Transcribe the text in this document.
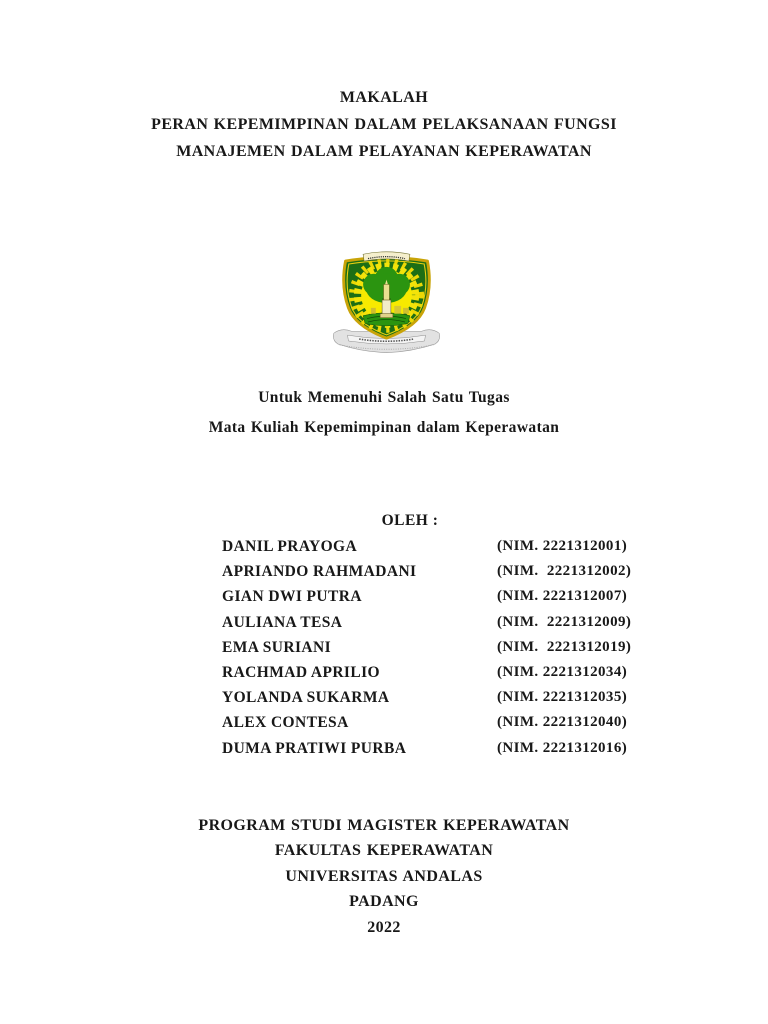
MAKALAH
PERAN KEPEMIMPINAN DALAM PELAKSANAAN FUNGSI
MANAJEMEN DALAM PELAYANAN KEPERAWATAN
Untuk Memenuhi Salah Satu Tugas
Mata Kuliah Kepemimpinan dalam Keperawatan
OLEH :
DANIL PRAYOGA	(NIM. 2221312001)
APRIANDO RAHMADANI	(NIM.  2221312002)
GIAN DWI PUTRA	(NIM. 2221312007)
AULIANA TESA	(NIM.  2221312009)
EMA SURIANI	(NIM.  2221312019)
RACHMAD APRILIO	(NIM. 2221312034)
YOLANDA SUKARMA	(NIM. 2221312035)
ALEX CONTESA	(NIM. 2221312040)
DUMA PRATIWI PURBA	(NIM. 2221312016)
PROGRAM STUDI MAGISTER KEPERAWATAN
FAKULTAS KEPERAWATAN
UNIVERSITAS ANDALAS
PADANG
2022
